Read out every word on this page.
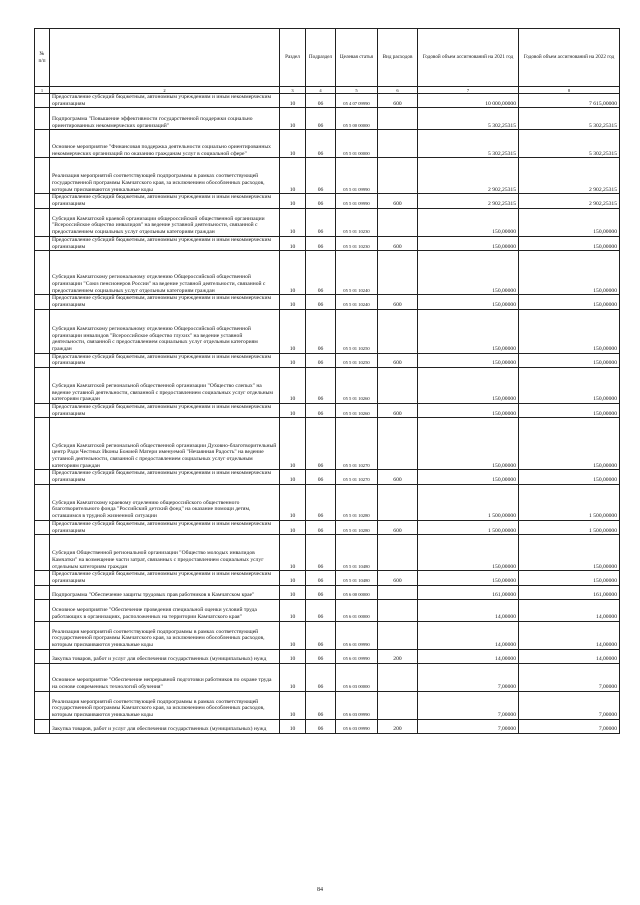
№ п/п		Раздел	Подраздел	Целевая статья	Вид расходов	Годовой объем ассигнований на 2021 год	Годовой объем ассигнований на 2022 год
1	2	3	4	5	6	7	8
	Предоставление субсидий бюджетным, автономным учреждениям и иным некоммерческим организациям	10	06	05 4 07 09990	600	10 000,00000	7 615,00000
	Подпрограмма "Повышение эффективности государственной поддержки социально ориентированных некоммерческих организаций"	10	06	05 5 00 00000		5 302,25315	5 302,25315
	Основное мероприятие "Финансовая поддержка деятельности социально ориентированных некоммерческих организаций по оказанию гражданам услуг в социальной сфере"	10	06	05 5 01 00000		5 302,25315	5 302,25315
	Реализация мероприятий соответствующей подпрограммы в рамках соответствующей государственной программы Камчатского края, за исключением обособленных расходов, которым присваиваются уникальные коды	10	06	05 5 01 09990		2 902,25315	2 902,25315
	Предоставление субсидий бюджетным, автономным учреждениям и иным некоммерческим организациям	10	06	05 5 01 09990	600	2 902,25315	2 902,25315
	Субсидия Камчатской краевой организации общероссийской общественной организации "Всероссийское общество инвалидов" на ведение уставной деятельности, связанной с предоставлением социальных услуг отдельным категориям граждан	10	06	05 5 01 10230		150,00000	150,00000
	Предоставление субсидий бюджетным, автономным учреждениям и иным некоммерческим организациям	10	06	05 5 01 10230	600	150,00000	150,00000
	Субсидия Камчатскому региональному отделению Общероссийской общественной организации "Союз пенсионеров России" на ведение уставной деятельности, связанной с предоставлением социальных услуг отдельным категориям граждан	10	06	05 5 01 10240		150,00000	150,00000
	Предоставление субсидий бюджетным, автономным учреждениям и иным некоммерческим организациям	10	06	05 5 01 10240	600	150,00000	150,00000
	Субсидия Камчатскому региональному отделению Общероссийской общественной организации инвалидов "Всероссийское общество глухих" на ведение уставной деятельности, связанной с предоставлением социальных услуг отдельным категориям граждан	10	06	05 5 01 10250		150,00000	150,00000
	Предоставление субсидий бюджетным, автономным учреждениям и иным некоммерческим организациям	10	06	05 5 01 10250	600	150,00000	150,00000
	Субсидия Камчатской региональной общественной организации "Общество слепых" на ведение уставной деятельности, связанной с предоставлением социальных услуг отдельным категориям граждан	10	06	05 5 01 10260		150,00000	150,00000
	Предоставление субсидий бюджетным, автономным учреждениям и иным некоммерческим организациям	10	06	05 5 01 10260	600	150,00000	150,00000
	Субсидия Камчатской региональной общественной организации Духовно-благотворительный центр Ради Честных Иконы Божией Матери именуемой "Нечаянная Радость" на ведение уставной деятельности, связанной с предоставлением социальных услуг отдельным категориям граждан	10	06	05 5 01 10270		150,00000	150,00000
	Предоставление субсидий бюджетным, автономным учреждениям и иным некоммерческим организациям	10	06	05 5 01 10270	600	150,00000	150,00000
	Субсидия Камчатскому краевому отделению общероссийского общественного благотворительного фонда "Российский детский фонд" на оказание помощи детям, оставшимся в трудной жизненной ситуации	10	06	05 5 01 10280		1 500,00000	1 500,00000
	Предоставление субсидий бюджетным, автономным учреждениям и иным некоммерческим организациям	10	06	05 5 01 10280	600	1 500,00000	1 500,00000
	Субсидия Общественной региональной организации "Общество молодых инвалидов Камчатки" на возмещение части затрат, связанных с предоставлением социальных услуг отдельным категориям граждан	10	06	05 5 01 10480		150,00000	150,00000
	Предоставление субсидий бюджетным, автономным учреждениям и иным некоммерческим организациям	10	06	05 5 01 10480	600	150,00000	150,00000
	Подпрограмма "Обеспечение защиты трудовых прав работников в Камчатском крае"	10	06	05 6 00 00000		161,00000	161,00000
	Основное мероприятие "Обеспечение проведения специальной оценки условий труда работающих в организациях, расположенных на территории Камчатского края"	10	06	05 6 01 00000		14,00000	14,00000
	Реализация мероприятий соответствующей подпрограммы в рамках соответствующей государственной программы Камчатского края, за исключением обособленных расходов, которым присваиваются уникальные коды	10	06	05 6 01 09990		14,00000	14,00000
	Закупка товаров, работ и услуг для обеспечения государственных (муниципальных) нужд	10	06	05 6 01 09990	200	14,00000	14,00000
	Основное мероприятие "Обеспечение непрерывной подготовки работников по охране труда на основе современных технологий обучения"	10	06	05 6 03 00000		7,00000	7,00000
	Реализация мероприятий соответствующей подпрограммы в рамках соответствующей государственной программы Камчатского края, за исключением обособленных расходов, которым присваиваются уникальные коды	10	06	05 6 03 09990		7,00000	7,00000
	Закупка товаров, работ и услуг для обеспечения государственных (муниципальных) нужд	10	06	05 6 03 09990	200	7,00000	7,00000
84
